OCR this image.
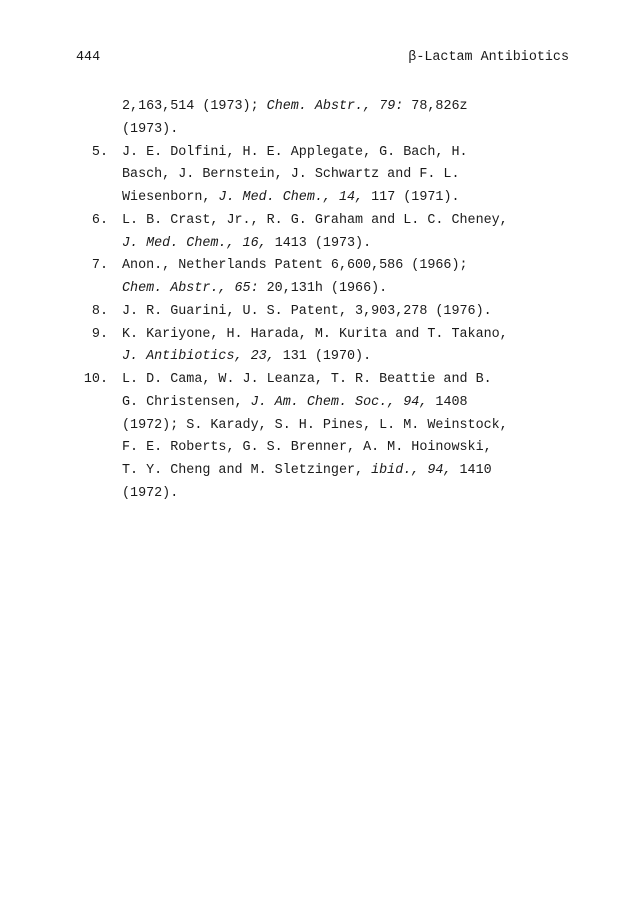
444	β-Lactam Antibiotics
2,163,514 (1973); Chem. Abstr., 79: 78,826z
(1973).
5. J. E. Dolfini, H. E. Applegate, G. Bach, H.
Basch, J. Bernstein, J. Schwartz and F. L.
Wiesenborn, J. Med. Chem., 14, 117 (1971).
6. L. B. Crast, Jr., R. G. Graham and L. C. Cheney,
J. Med. Chem., 16, 1413 (1973).
7. Anon., Netherlands Patent 6,600,586 (1966);
Chem. Abstr., 65: 20,131h (1966).
8. J. R. Guarini, U. S. Patent, 3,903,278 (1976).
9. K. Kariyone, H. Harada, M. Kurita and T. Takano,
J. Antibiotics, 23, 131 (1970).
10. L. D. Cama, W. J. Leanza, T. R. Beattie and B.
G. Christensen, J. Am. Chem. Soc., 94, 1408
(1972); S. Karady, S. H. Pines, L. M. Weinstock,
F. E. Roberts, G. S. Brenner, A. M. Hoinowski,
T. Y. Cheng and M. Sletzinger, ibid., 94, 1410
(1972).
